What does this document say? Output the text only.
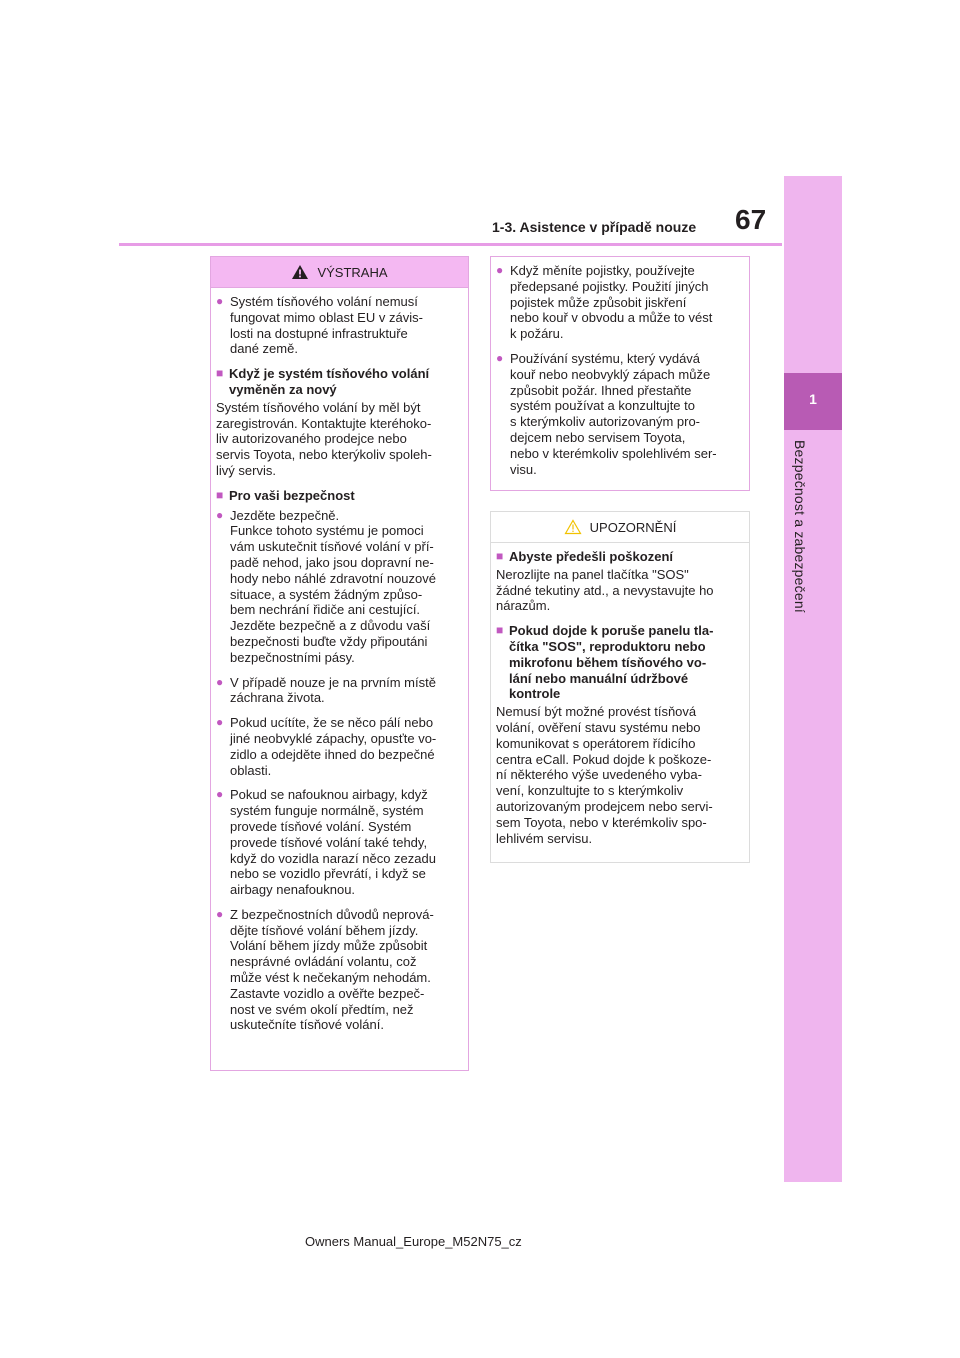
67
1-3. Asistence v případě nouze
1
Bezpečnost a zabezpečení
VÝSTRAHA
● Systém tísňového volání nemusí
fungovat mimo oblast EU v závis-
losti na dostupné infrastruktuře
dané země.
■ Když je systém tísňového volání
vyměněn za nový
Systém tísňového volání by měl být
zaregistrován. Kontaktujte kteréhoko-
liv autorizovaného prodejce nebo
servis Toyota, nebo kterýkoliv spoleh-
livý servis.
■ Pro vaši bezpečnost
● Jezděte bezpečně.
Funkce tohoto systému je pomoci
vám uskutečnit tísňové volání v pří-
padě nehod, jako jsou dopravní ne-
hody nebo náhlé zdravotní nouzové
situace, a systém žádným způso-
bem nechrání řidiče ani cestující.
Jezděte bezpečně a z důvodu vaší
bezpečnosti buďte vždy připoutáni
bezpečnostními pásy.
● V případě nouze je na prvním místě
záchrana života.
● Pokud ucítíte, že se něco pálí nebo
jiné neobvyklé zápachy, opusťte vo-
zidlo a odejděte ihned do bezpečné
oblasti.
● Pokud se nafouknou airbagy, když
systém funguje normálně, systém
provede tísňové volání. Systém
provede tísňové volání také tehdy,
když do vozidla narazí něco zezadu
nebo se vozidlo převrátí, i když se
airbagy nenafouknou.
● Z bezpečnostních důvodů neprová-
dějte tísňové volání během jízdy.
Volání během jízdy může způsobit
nesprávné ovládání volantu, což
může vést k nečekaným nehodám.
Zastavte vozidlo a ověřte bezpeč-
nost ve svém okolí předtím, než
uskutečníte tísňové volání.
● Když měníte pojistky, používejte
předepsané pojistky. Použití jiných
pojistek může způsobit jiskření
nebo kouř v obvodu a může to vést
k požáru.
● Používání systému, který vydává
kouř nebo neobvyklý zápach může
způsobit požár. Ihned přestaňte
systém používat a konzultujte to
s kterýmkoliv autorizovaným pro-
dejcem nebo servisem Toyota,
nebo v kterémkoliv spolehlivém ser-
visu.
UPOZORNĚNÍ
■ Abyste předešli poškození
Nerozlijte na panel tlačítka "SOS"
žádné tekutiny atd., a nevystavujte ho
nárazům.
■ Pokud dojde k poruše panelu tla-
čítka "SOS", reproduktoru nebo
mikrofonu během tísňového vo-
lání nebo manuální údržbové
kontrole
Nemusí být možné provést tísňová
volání, ověření stavu systému nebo
komunikovat s operátorem řídicího
centra eCall. Pokud dojde k poškoze-
ní některého výše uvedeného vyba-
vení, konzultujte to s kterýmkoliv
autorizovaným prodejcem nebo servi-
sem Toyota, nebo v kterémkoliv spo-
lehlivém servisu.
Owners Manual_Europe_M52N75_cz
